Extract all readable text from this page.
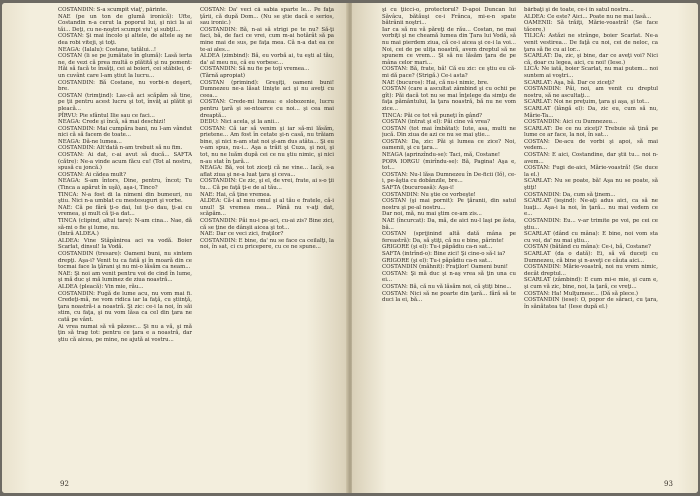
COSTANDIN: S-a scumpit viaţ', părinte.
NAE (pe un ton de glumă ironică): Ufte, Costandin n-a cerut la poporul lui, şi nici la ai tăi... Deţi, cu ne-noştri scumpi viu' şi subţil...
COSTAN: Şi mai încolo şi altele, de altele aş ne dea robi viteji, şi toţi.
NEAGA: (Ialalu): Costane, tatălui...!
COSTAN (li se pe jumătate în glumă): Lasă ierta ne, de vezi că prea multă o plătită şi nu poment: Hăi să facă te însăţi, cei ai boieri, cei stăbilei, d-un cuvânt care l-am ştiut la lucru...
COSTANDIN: Bă Costane, nu vorbi-n deşert, bre.
COSTAN (trimţind): Las-că aci scăpăm să tine, pe ţii pentru acest lucru şi tot, învăţ ai plătit şi pleacă...
PÎRVU: Pie sfântul Ilie sau ce faci...
NEAGA: Crede şi încă, să mai deschizi!
COSTANDIN: Mai cumpăra bani, nu l-am vândut nici că să facem de toate...
NEAGA: Dă-ne lumea...
COSTANDIN: Alt'dată n-am trebuit să nu fim.
COSTAN: Ai dat, c-ai avut să ducă... SAFTA (către): Ne-a vinde acum făcu cu! (Tot al nostru, spusă cu joncă.)
COSTAN: Ai cădea mult?
NEAGA: S-am întors, Dine, pentru, încot; Tu (Tinca a apărut în uşă), aşa-i, Tinco?
TINCA: N-a fost di la nimeni din bumeuri, nu ştiu. Nici n-a umblat cu mestesuguri şi vorbe.
NAE: Că pe fără ţi-o dai, lui ţi-o dau, ţi-ai cu vremea, şi mult că ţi-a dat...
TINCA (clipind, altul tare): N-am cina... Nae, dă să-mi o fie şi lume, nu.
(Intră ALDEA.)
ALDEA: Vine Stăpânirea aci va vodă. Boier Scarlat, dinsul! la Vodă.
COSTANDIN (tresare): Oameni buni, nu sintem drepţi. Aşa-i? Venit tu ca fată şi în moară din ce tocmai face la ţărani şi nu mi-o lăsăm ca neam...
NAE: Şi noi am venit pentru voi de cind în lume, şi mă duc şi mă luminez de ziua noastră...
ALDEA (pleacă): Vin mie, rău...
COSTANDIN: Fugă de lume acu, nu vom mai fi. Credeţi-mă, ne vom ridica iar la faţă, cu ştiinţă, ţara noastră-i a noastră. Şi zic: ce-i la noi, în săi stim, cu faţa, şi nu vom lăsa ca cel din ţara ne cată pe vânt.
Ai vrea numai să vă păzesc... Şi nu a vă, şi mă ţin să trag tot: pentru ce ţara e a noastră, dar ştiu că aicea, pe mine, ne ajută ai vostru...
COSTAN: Da' veci că sabia sparte le... Pe faţa ţării, că după Dom... (Nu se ştie dacă e serios, sau ironic.)
COSTANDIN: Bă, n-ai să strigi pe te nu? Să-ţi faci, bă, de faci ce vrei, cum m-ai hotărât să pa mine mai de sus, pe faţa mea. Că n-a dat ea ce te-ai ales...
ALDEA (zimbind): Bă, eu vorbă ai, tu eşti al tău, da' al meu nu, că eu vorbesc...
COSTANDIN: Să nu fie pe toţi vremea...
(Tărnă apropiat)
COSTAN (primind): Greşiţi, oameni buni! Dumnezeu ne-a lăsat linişte aci şi nu aveţi cu ceea...
COSTAN: Crede-mi lumea: e slobozenie, lucru pentru ţară şi se-ntoarce cu noi... şi cea mai dreaptă...
DEDU: Nici acela, şi la anii...
COSTAN: Că iar să venim şi iar să-mi lăsăm, prietene... Am fost în cetate şi-n casă, nu trăiam bine, şi nici n-am stat noi şi-am dus atâta... Şi eu v-am spus, nu-i... Aşa a trăit şi Cuza, şi noi, şi tot, nu ne luăm după cei ce nu ştiu nimic, şi nici n-au stat în ţară...
NEAGA: Bă, voi tot ziceţi că ne vine... Iacă, s-a aflat ziua şi ne-a luat ţara şi ceva...
COSTANDIN: Ce zic, şi el, de vrei, frate, ai s-o ţii tu... Că pe faţă ţi-e de al tău...
NAE: Hai, că ţine vremea.
ALDEA: Că-i al meu omul şi al tău e fratele, că-i unul! Şi vremea mea... Până nu v-aţi dat, scăpăm...
COSTANDIN: Păi nu-i pe-aci, cu-ai zis? Bine zici, că se ţine de dânşii aicea şi tot...
NAE: Dar ce veci zici, fraţilor?
COSTANDIN: E bine, da' nu se face ca ceilalţi, la noi, în sat, ci cu pricepere, cu ce ne spune...
92
şi cu ţiicci-o, protectorul? D-apoi Duncan lui Săvâcu, bătăuşi ce-i Frânca, mi-e-n spate bătrânii noştri...
Iar ca să nu vă păreţi de rău... Costan, ne mai vorbiţi şi ne cheamă lumea din Ţara lui Vodă, să nu mai pierdem ziua, că ce-i aicea şi ce-i la voi... Noi, cei de pe uliţa noastră, avem dreptul să ne spunem ce vrem... Şi să nu lăsăm ţara de pe mâna celor mari...
COSTAN: Bă, frate, bă! Că eu zic: ce ştiu eu că-mi dă pace? (Strigă.) Ce-i asta?
NAE (bucuros): Hai, că nu-i nimic, bre.
COSTAN (care a ascultat zâmbind şi cu ochii pe gît): Păi dacă tot nu se mai înţelege da simţu de faţa pământului, la ţara noastră, bă nu ne vom zice...
TINCA: Păi ce tot vă puneţi în gând?
COSTAN (intrat şi el): Păi cine vă vrea?
COSTAN (tot mai îmbătat): Iute, asa, multi ne jucă. Din ziua de azi ce nu se mai ştie...
COSTAN: Da, zic: Păi şi lumea ce zice? Noi, oamenii, şi cu ţara...
NEAGA (aprinzîndu-se): Taci, mă, Costane!
POPA IORGU (mirîndu-se): Bă, Pagina! Aşa e, tot...
COSTAN: Nu-l lăsa Dumnezeu în De-ficii (Iŏ), ce-i, pe-ăştia cu dobânzile, bre...
SAFTA (bucuroasă): Aşa-i!
COSTANDIN: Nu ştie ce vorbeşte!
COSTAN (şi mai pornit): Pe ţăranii, din satul nostru şi pe-al nostru...
Dar noi, mă, nu mai ştim ce-am zis...
NAE (încurcat): Da, mă, de aici nu-l laşi pe ăsta, bă...
COSTAN (sprijinind altă dată mâna pe fereastră): Da, să ştiţi, că nu e bine, părinte!
GRIGORE (şi el): Tu-i păpădiu ca-n sat...
SAFTA (intrînd-o): Bine zici! Şi cine-o să-l ia?
GRIGORE (şi el): Tu-i păpădiu ca-n sat...
COSTANDIN (mâhnit): Fraţilor! Oameni buni!
COSTAN: Şi mă duc şi n-aş vrea să ţin una cu ei...
COSTAN: Bă, că nu vă lăsăm noi, că ştiţi bine...
COSTAN: Nici să ne poarte din ţară... fără să te duci la ei, bă...
bărbaţi şi de toate, ce-i în satul nostru...
ALDEA: Ce este? Aici... Poate nu ne mai lasă...
OAMENII: Să trăiţi, Mărie-voastră! (Se face tăcere.)
TILICĂ: Astăzi ne strânge, boier Scarlat. Ne-a venit vestirea... De faţă cu noi, cei de neloc, ca ţara să fie cu ai lor...
SCARLAT: Da, zic, şi bine, dar ce aveţi voi? Nici că, doar cu legea, aici, cu noi! (Iese.)
LICĂ: Ne iată, boier Scarlat, nu mai putem... noi suntem ai voştri...
SCARLAT: Aşa, bă. Dar ce ziceţi?
COSTANDIN: Păi, noi, am venit cu dreptul nostru, să ne ascultaţi...
SCARLAT: Noi ne preţuim, ţara şi aşa, şi tot...
SCARLAT (lângă el): Da, zic eu, cum să nu, Mărie-Ta...
COSTANDIN: Aici cu Dumnezeu...
SCARLAT: De ce nu ziceţi? Trebuie să ţină pe lume ce ar face, la noi, în sat...
COSTAN: De-acu de vorbi şi apoi, să mai vedem...
COSTAN: E aici, Costandine, dar ştii tu... noi n-avem...
COSTAN: Fugi de-aici, Mărie-voastră! (Se duce la el.)
SCARLAT: Nu se poate, bă! Aşa nu se poate, să ştiţi!
COSTANDIN: Da, cum să ţinem...
SCARLAT (ieşind): Ne-aţi adus aici, ca să ne luaţi... Aşa-i la noi, în ţară... nu mai vedem ce e...
COSTANDIN: Eu... v-ar trimite pe voi, pe cei ce ştiu...
SCARLAT (dând cu mâna): E bine, noi vom sta cu voi, da' nu mai ştiu...
COSTAN (bătând cu mâna): Ce-i, bă, Costane?
SCARLAT (da o dată): Ei, să vă duceţi cu Dumnezeu, că bine şi n-aveţi ce căuta aici...
COSTANDIN: Mărie-voastră, noi nu vrem nimic, decât dreptul...
SCARLAT (zâmbind): E cum mi-e mie, şi cum e, şi cum vă zic, bine, noi, la ţară, ce vreţi...
COSTAN: Ha! Mulţumesc... (Dă să plece.)
COSTANDIN (iese): O, popor de săraci, cu ţara, în sănătatea ta! (Iese după el.)
93
